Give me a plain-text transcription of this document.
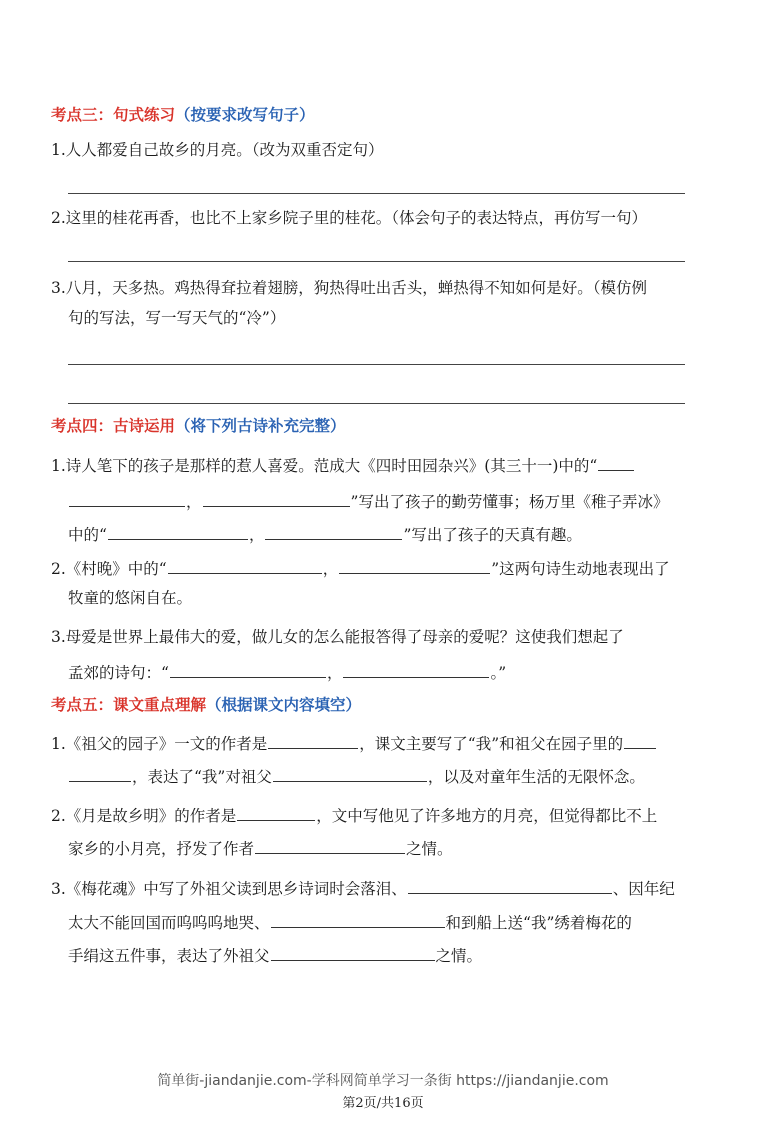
考点三：句式练习（按要求改写句子）
1.人人都爱自己故乡的月亮。（改为双重否定句）
2.这里的桂花再香，也比不上家乡院子里的桂花。（体会句子的表达特点，再仿写一句）
3.八月，天多热。鸡热得耷拉着翅膀，狗热得吐出舌头，蝉热得不知如何是好。（模仿例
句的写法，写一写天气的“冷”）
考点四：古诗运用（将下列古诗补充完整）
1.诗人笔下的孩子是那样的惹人喜爱。范成大《四时田园杂兴》(其三十一)中的“
，	”写出了孩子的勤劳懂事；杨万里《稚子弄冰》
中的“	，	”写出了孩子的天真有趣。
2.《村晚》中的“	，	”这两句诗生动地表现出了
牧童的悠闲自在。
3.母爱是世界上最伟大的爱，做儿女的怎么能报答得了母亲的爱呢？这使我们想起了
孟郊的诗句：“	，	。”
考点五：课文重点理解（根据课文内容填空）
1.《祖父的园子》一文的作者是	，课文主要写了“我”和祖父在园子里的
，表达了“我”对祖父	，以及对童年生活的无限怀念。
2.《月是故乡明》的作者是	，文中写他见了许多地方的月亮，但觉得都比不上
家乡的小月亮，抒发了作者	之情。
3.《梅花魂》中写了外祖父读到思乡诗词时会落泪、	、因年纪
太大不能回国而呜呜呜地哭、	和到船上送“我”绣着梅花的
手绢这五件事，表达了外祖父	之情。
简单街-jiandanjie.com-学科网简单学习一条街 https://jiandanjie.com
第2页/共16页
